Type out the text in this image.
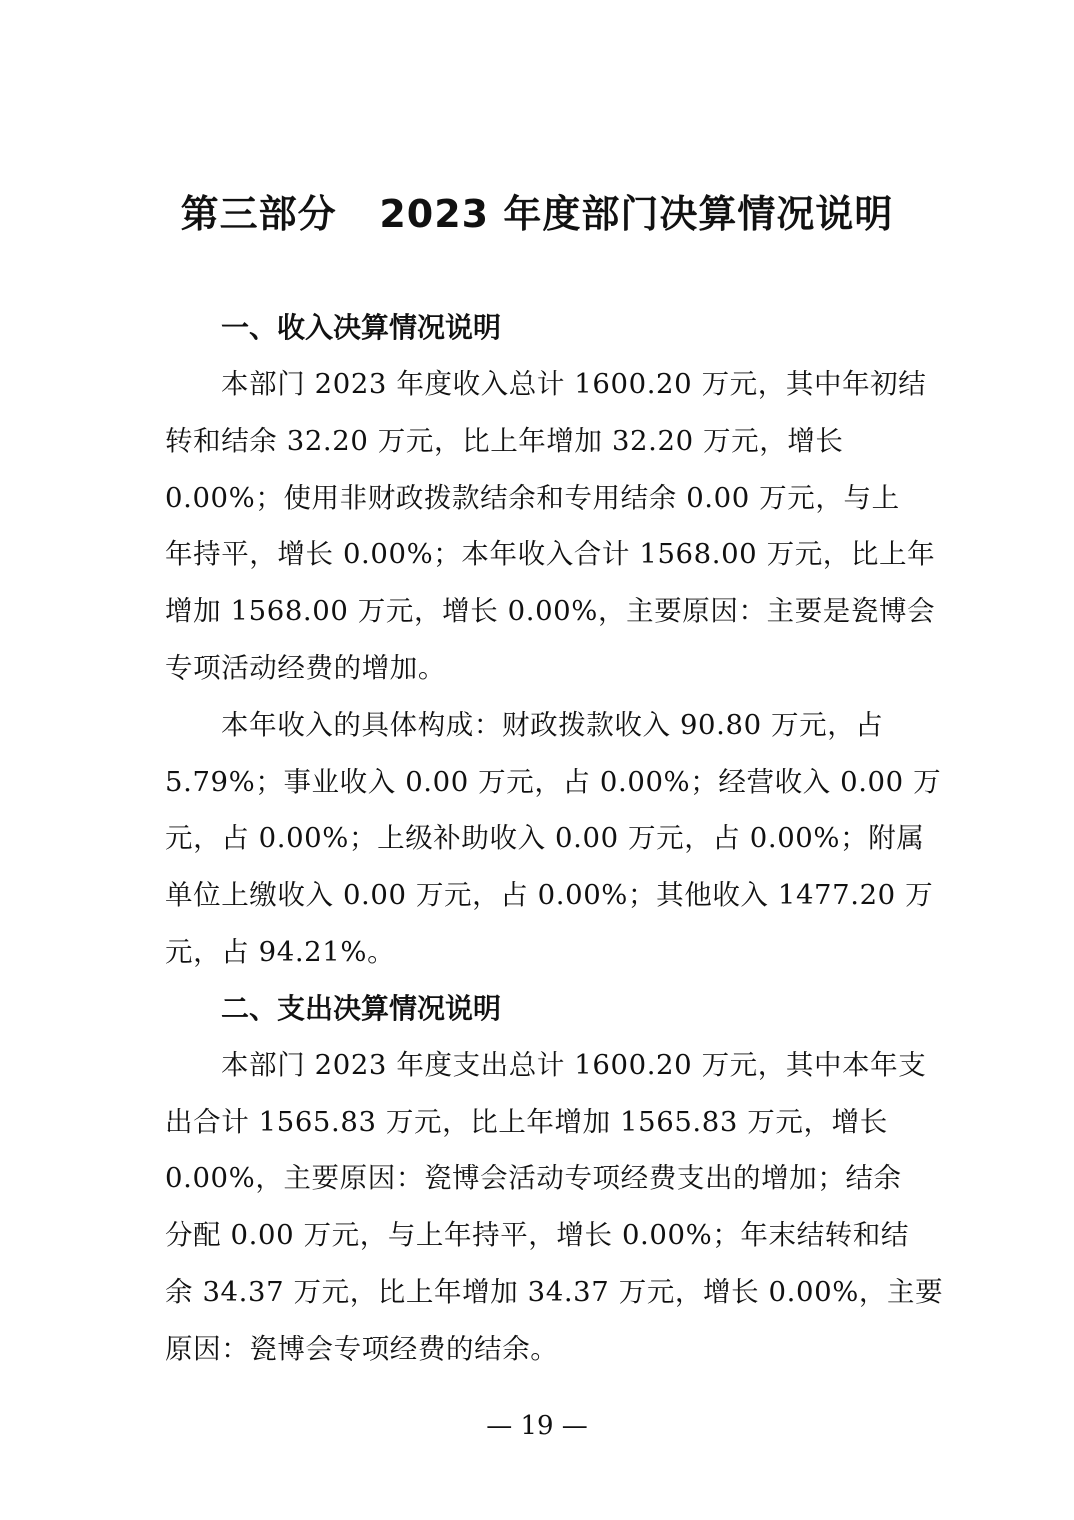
第三部分   2023 年度部门决算情况说明
一、收入决算情况说明

本部门 2023 年度收入总计 1600.20 万元，其中年初结
转和结余 32.20 万元，比上年增加 32.20 万元，增长
0.00%；使用非财政拨款结余和专用结余 0.00 万元，与上
年持平，增长 0.00%；本年收入合计 1568.00 万元，比上年
增加 1568.00 万元，增长 0.00%，主要原因：主要是瓷博会
专项活动经费的增加。

本年收入的具体构成：财政拨款收入 90.80 万元，占
5.79%；事业收入 0.00 万元，占 0.00%；经营收入 0.00 万
元，占 0.00%；上级补助收入 0.00 万元，占 0.00%；附属
单位上缴收入 0.00 万元，占 0.00%；其他收入 1477.20 万
元，占 94.21%。

二、支出决算情况说明

本部门 2023 年度支出总计 1600.20 万元，其中本年支
出合计 1565.83 万元，比上年增加 1565.83 万元，增长
0.00%，主要原因：瓷博会活动专项经费支出的增加；结余
分配 0.00 万元，与上年持平，增长 0.00%；年末结转和结
余 34.37 万元，比上年增加 34.37 万元，增长 0.00%，主要
原因：瓷博会专项经费的结余。

— 19 —
